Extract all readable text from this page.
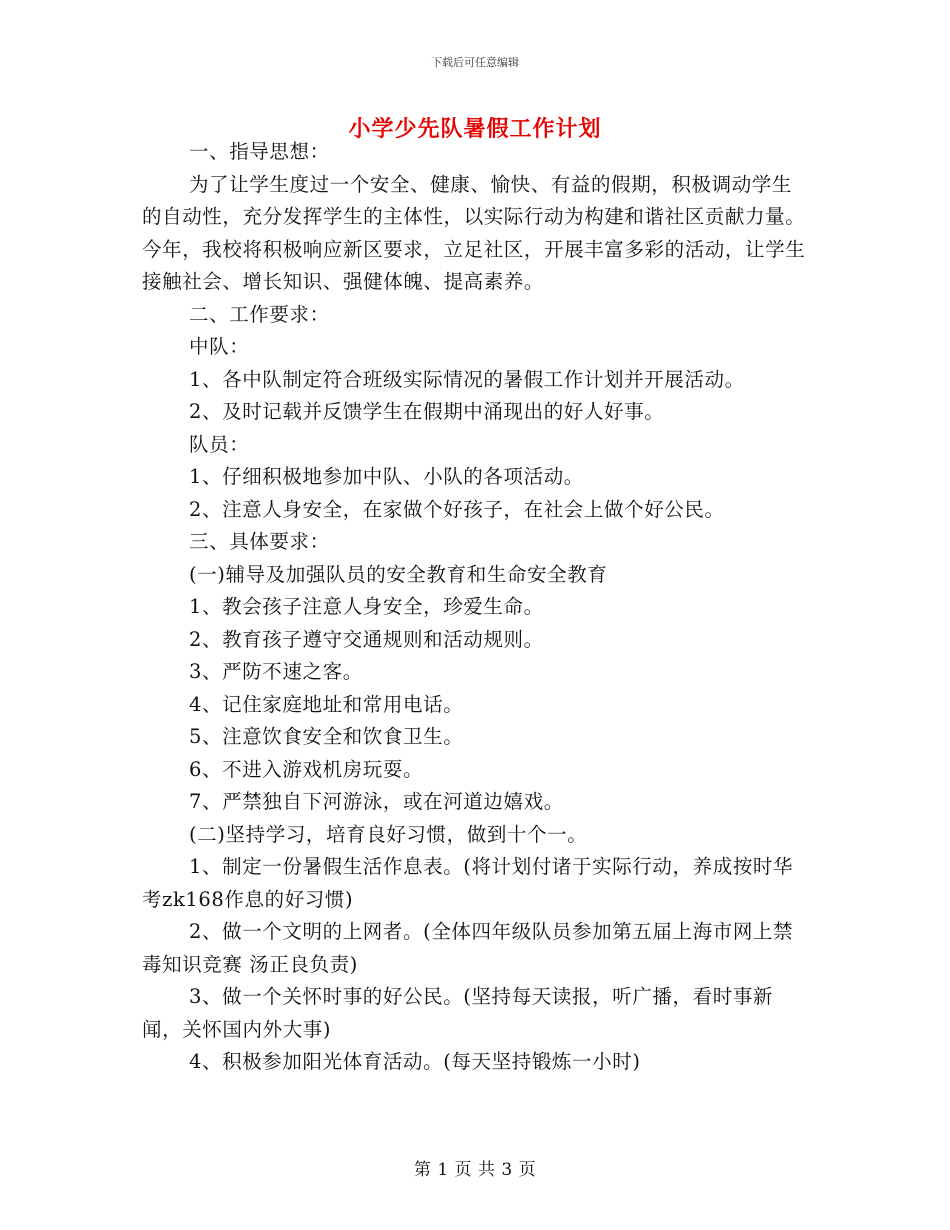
下载后可任意编辑
小学少先队暑假工作计划

一、指导思想：

为了让学生度过一个安全、健康、愉快、有益的假期，积极调动学生的自动性，充分发挥学生的主体性，以实际行动为构建和谐社区贡献力量。今年，我校将积极响应新区要求，立足社区，开展丰富多彩的活动，让学生接触社会、增长知识、强健体魄、提高素养。

二、工作要求：

中队：

1、各中队制定符合班级实际情况的暑假工作计划并开展活动。

2、及时记载并反馈学生在假期中涌现出的好人好事。

队员：

1、仔细积极地参加中队、小队的各项活动。

2、注意人身安全，在家做个好孩子，在社会上做个好公民。

三、具体要求：

(一)辅导及加强队员的安全教育和生命安全教育

1、教会孩子注意人身安全，珍爱生命。

2、教育孩子遵守交通规则和活动规则。

3、严防不速之客。

4、记住家庭地址和常用电话。

5、注意饮食安全和饮食卫生。

6、不进入游戏机房玩耍。

7、严禁独自下河游泳，或在河道边嬉戏。

(二)坚持学习，培育良好习惯，做到十个一。

1、制定一份暑假生活作息表。(将计划付诸于实际行动，养成按时华考zk168作息的好习惯)

2、做一个文明的上网者。(全体四年级队员参加第五届上海市网上禁毒知识竞赛 汤正良负责)

3、做一个关怀时事的好公民。(坚持每天读报，听广播，看时事新闻，关怀国内外大事)

4、积极参加阳光体育活动。(每天坚持锻炼一小时)

第 1 页 共 3 页
